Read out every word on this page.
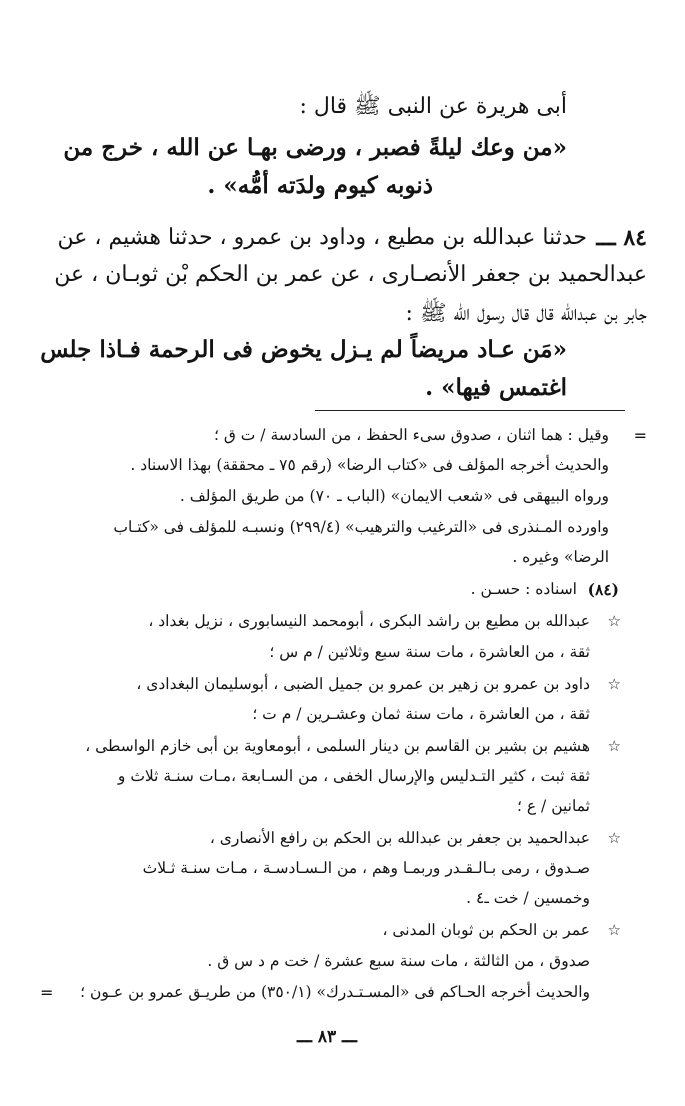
أبى هريرة عن النبى ﷺ قال :
«من وعك ليلةً فصبر ، ورضى بهـا عن الله ، خرج من
ذنوبه كيوم ولدَته أمُّه» .
٨٤ ـــ
حدثنا عبدالله بن مطيع ، وداود بن عمرو ، حدثنا هشيم ، عن
عبدالحميد بن جعفر الأنصـارى ، عن عمر بن الحكم بْن ثوبـان ، عن
جابر بن عبدالله قال قال رسول الله ﷺ :
«مَن عـاد مريضاً لم يـزل يخوض فى الرحمة فـاذا جلس
اغتمس فيها» .
=
وقيل : هما اثنان ، صدوق سىء الحفظ ، من السادسة / ت ق ؛
والحديث أخرجه المؤلف فى «كتاب الرضا» (رقم ٧٥ ـ محققة) بهذا الاسناد .
ورواه البيهقى فى «شعب الايمان» (الباب ـ ٧٠) من طريق المؤلف .
واورده المـنذرى فى «الترغيب والترهيب» (٢٩٩/٤) ونسبـه للمؤلف فى «كتـاب
الرضا» وغيره .
(٨٤)
اسناده : حسـن .
☆
عبدالله بن مطيع بن راشد البكرى ، أبومحمد النيسابورى ، نزيل بغداد ،
ثقة ، من العاشرة ، مات سنة سبع وثلاثين / م س ؛
☆
داود بن عمرو بن زهير بن عمرو بن جميل الضبى ، أبوسليمان البغدادى ،
ثقة ، من العاشرة ، مات سنة ثمان وعشـرين / م ت ؛
☆
هشيم بن بشير بن القاسم بن دينار السلمى ، أبومعاوية بن أبى خازم الواسطى ،
ثقة ثبت ، كثير التـدليس والإرسال الخفى ، من السـابعة ،مـات سنـة ثلاث و
ثمانين / ع ؛
☆
عبدالحميد بن جعفر بن عبدالله بن الحكم بن رافع الأنصارى ،
صـدوق ، رمى بـالـقـدر وربمـا وهم ، من الـسـادسـة ، مـات سنـة ثـلاث
وخمسين / خت ـ٤ .
☆
عمر بن الحكم بن ثوبان المدنى ،
صدوق ، من الثالثة ، مات سنة سبع عشرة / خت م د س ق .
والحديث أخرجه الحـاكم فى «المسـتـدرك» (٣٥٠/١) من طريـق عمرو بن عـون ؛
=
ـــ ٨٣ ـــ
